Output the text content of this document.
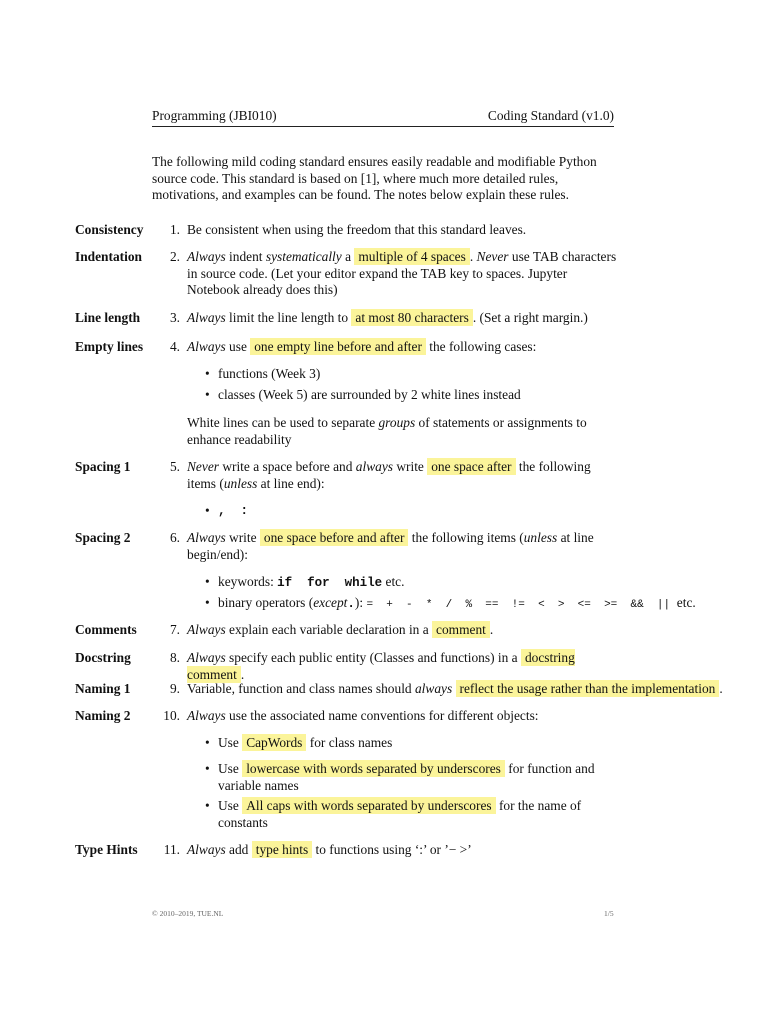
Programming (JBI010)	Coding Standard (v1.0)
The following mild coding standard ensures easily readable and modifiable Python source code. This standard is based on [1], where much more detailed rules, motivations, and examples can be found. The notes below explain these rules.
Consistency	1. Be consistent when using the freedom that this standard leaves.
Indentation	2. Always indent systematically a multiple of 4 spaces . Never use TAB characters in source code. (Let your editor expand the TAB key to spaces. Jupyter Notebook already does this)
Line length	3. Always limit the line length to at most 80 characters . (Set a right margin.)
Empty lines	4. Always use one empty line before and after the following cases:
• functions (Week 3)
• classes (Week 5) are surrounded by 2 white lines instead
White lines can be used to separate groups of statements or assignments to enhance readability
Spacing 1	5. Never write a space before and always write one space after the following items (unless at line end):
• ,  :
Spacing 2	6. Always write one space before and after the following items (unless at line begin/end):
• keywords: if  for  while etc.
• binary operators (except.): =  +  -  *  /  %  ==  !=  <  >  <=  >=  &&  || etc.
Comments	7. Always explain each variable declaration in a comment .
Docstring	8. Always specify each public entity (Classes and functions) in a docstring comment .
Naming 1	9. Variable, function and class names should always reflect the usage rather than the implementation .
Naming 2	10. Always use the associated name conventions for different objects:
• Use CapWords for class names
• Use lowercase with words separated by underscores for function and variable names
• Use All caps with words separated by underscores for the name of constants
Type Hints	11. Always add type hints to functions using ‘:’ or ’− >’
© 2010–2019, TUE.NL	1/5
